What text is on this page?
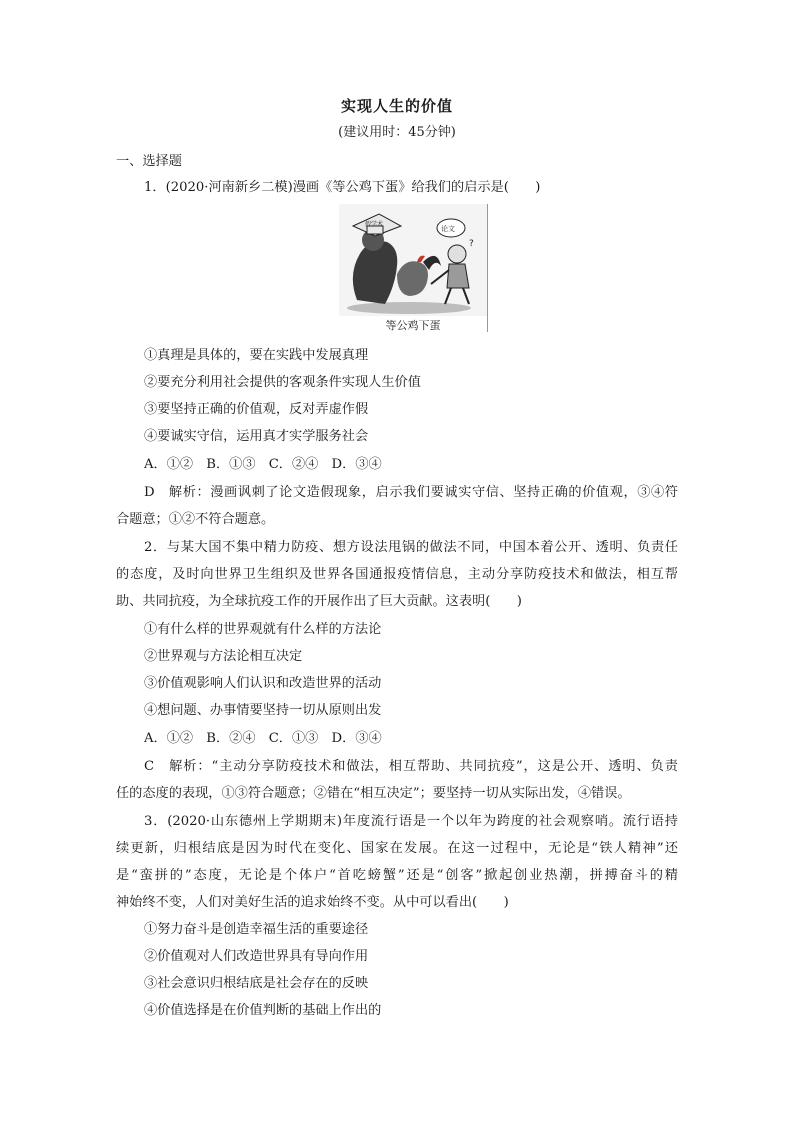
实现人生的价值
(建议用时：45分钟)
一、选择题
1．(2020·河南新乡二模)漫画《等公鸡下蛋》给我们的启示是(　　)
假学术
论文
?
等公鸡下蛋
①真理是具体的，要在实践中发展真理
②要充分利用社会提供的客观条件实现人生价值
③要坚持正确的价值观，反对弄虚作假
④要诚实守信，运用真才实学服务社会
A．①②　B．①③　C．②④　D．③④
D　解析：漫画讽刺了论文造假现象，启示我们要诚实守信、坚持正确的价值观，③④符
合题意；①②不符合题意。
2．与某大国不集中精力防疫、想方设法甩锅的做法不同，中国本着公开、透明、负责任
的态度，及时向世界卫生组织及世界各国通报疫情信息，主动分享防疫技术和做法，相互帮
助、共同抗疫，为全球抗疫工作的开展作出了巨大贡献。这表明(　　)
①有什么样的世界观就有什么样的方法论
②世界观与方法论相互决定
③价值观影响人们认识和改造世界的活动
④想问题、办事情要坚持一切从原则出发
A．①②　B．②④　C．①③　D．③④
C　解析：“主动分享防疫技术和做法，相互帮助、共同抗疫”，这是公开、透明、负责
任的态度的表现，①③符合题意；②错在“相互决定”；要坚持一切从实际出发，④错误。
3．(2020·山东德州上学期期末)年度流行语是一个以年为跨度的社会观察哨。流行语持
续更新，归根结底是因为时代在变化、国家在发展。在这一过程中，无论是“铁人精神”还
是“蛮拼的”态度，无论是个体户“首吃螃蟹”还是“创客”掀起创业热潮，拼搏奋斗的精
神始终不变，人们对美好生活的追求始终不变。从中可以看出(　　)
①努力奋斗是创造幸福生活的重要途径
②价值观对人们改造世界具有导向作用
③社会意识归根结底是社会存在的反映
④价值选择是在价值判断的基础上作出的
